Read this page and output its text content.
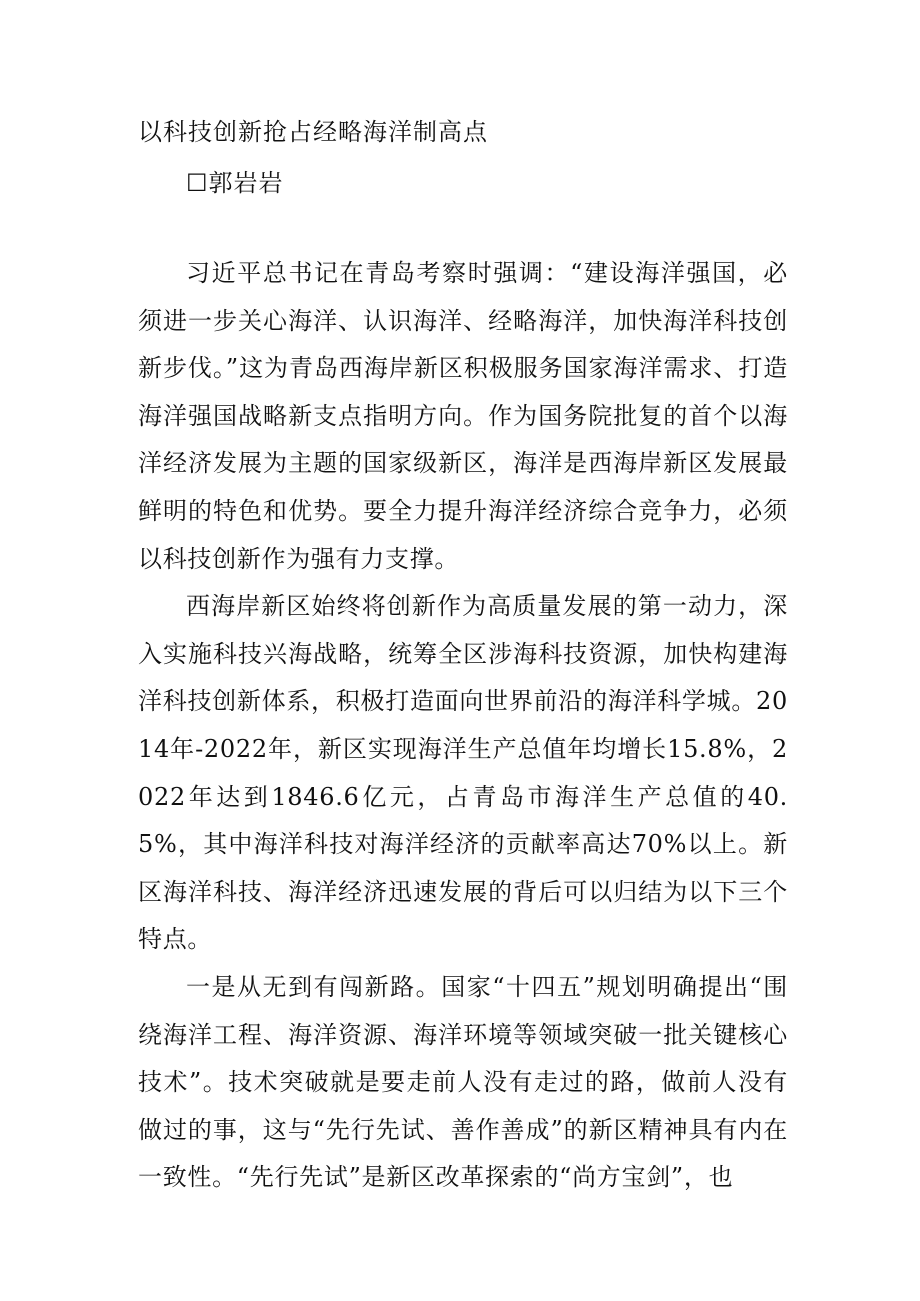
以科技创新抢占经略海洋制高点
☐郭岩岩

习近平总书记在青岛考察时强调：“建设海洋强国，必须进一步关心海洋、认识海洋、经略海洋，加快海洋科技创新步伐。”这为青岛西海岸新区积极服务国家海洋需求、打造海洋强国战略新支点指明方向。作为国务院批复的首个以海洋经济发展为主题的国家级新区，海洋是西海岸新区发展最鲜明的特色和优势。要全力提升海洋经济综合竞争力，必须以科技创新作为强有力支撑。

西海岸新区始终将创新作为高质量发展的第一动力，深入实施科技兴海战略，统筹全区涉海科技资源，加快构建海洋科技创新体系，积极打造面向世界前沿的海洋科学城。2014年-2022年，新区实现海洋生产总值年均增长15.8%，2022年达到1846.6亿元，占青岛市海洋生产总值的40.5%，其中海洋科技对海洋经济的贡献率高达70%以上。新区海洋科技、海洋经济迅速发展的背后可以归结为以下三个特点。

一是从无到有闯新路。国家“十四五”规划明确提出“围绕海洋工程、海洋资源、海洋环境等领域突破一批关键核心技术”。技术突破就是要走前人没有走过的路，做前人没有做过的事，这与“先行先试、善作善成”的新区精神具有内在一致性。“先行先试”是新区改革探索的“尚方宝剑”，也
